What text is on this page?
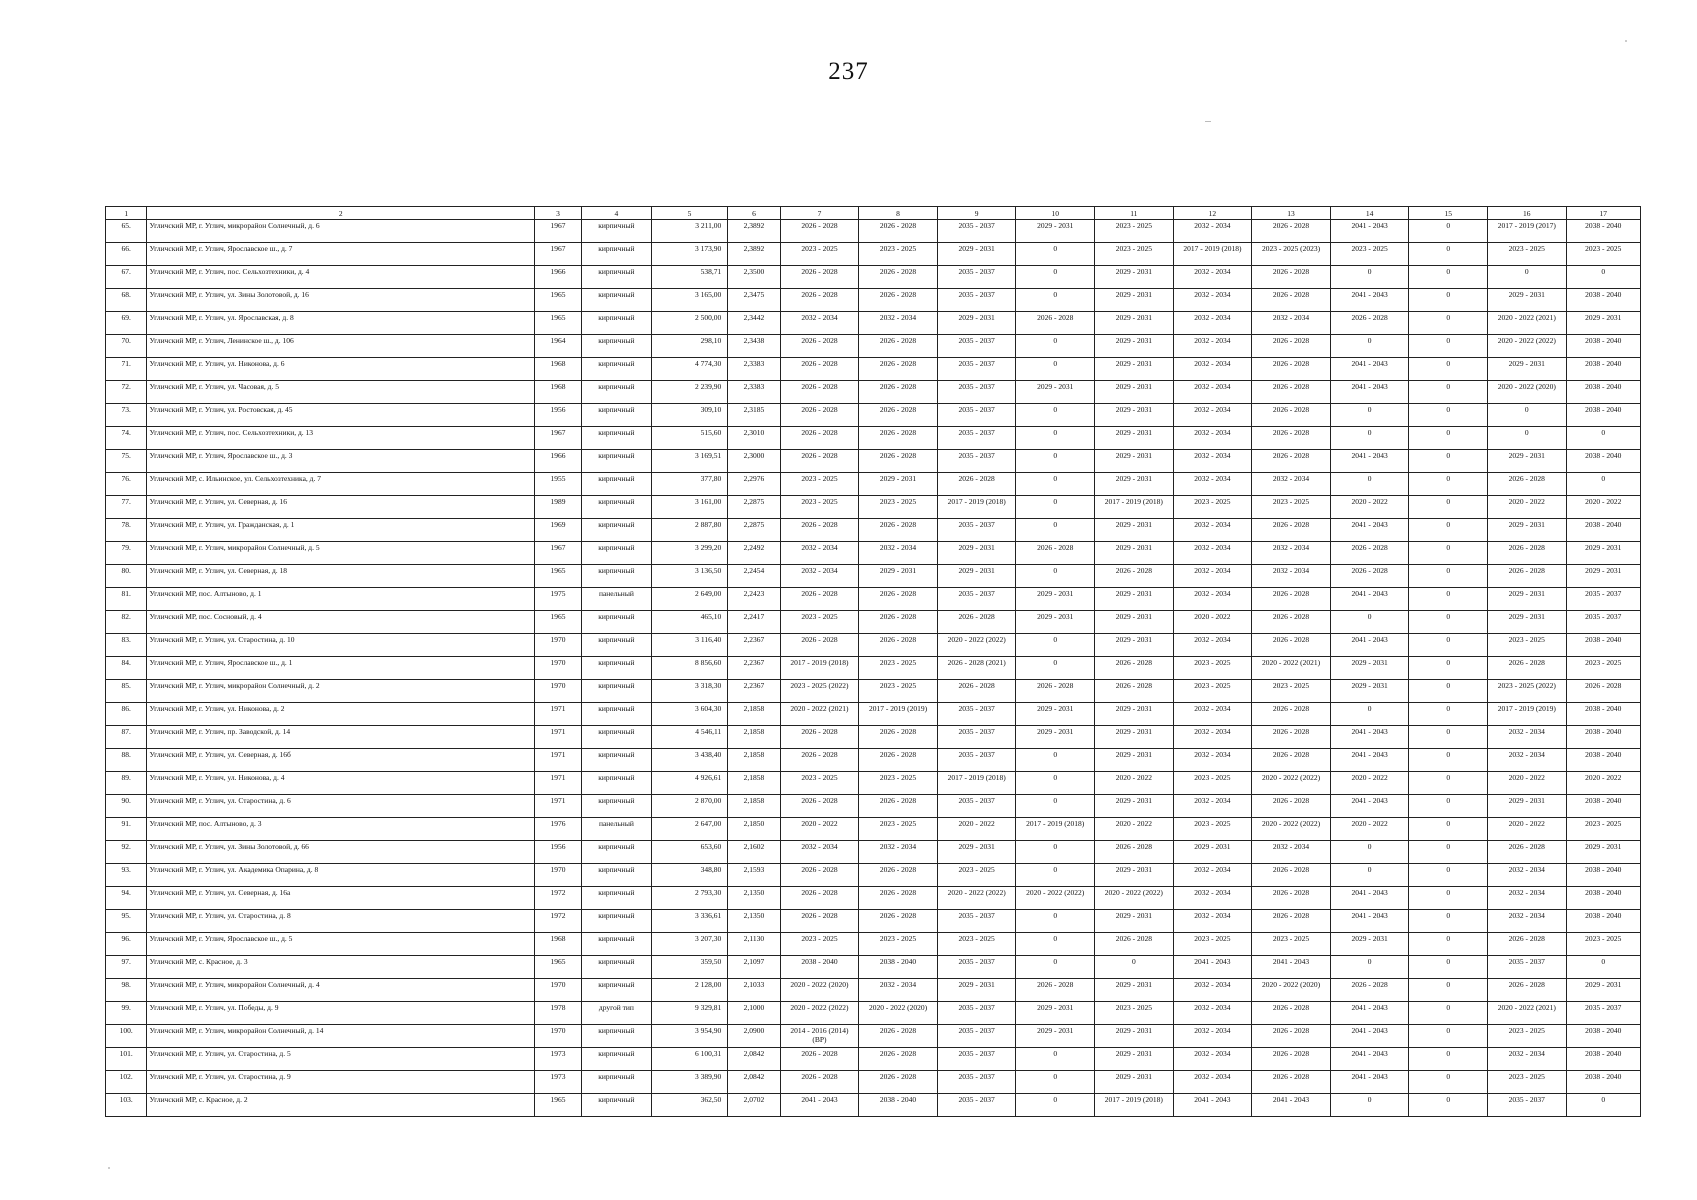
237
1	2	3	4	5	6	7	8	9	10	11	12	13	14	15	16	17
65.	Угличский МР, г. Углич, микрорайон Солнечный, д. 6	1967	кирпичный	3 211,00	2,3892	2026 - 2028	2026 - 2028	2035 - 2037	2029 - 2031	2023 - 2025	2032 - 2034	2026 - 2028	2041 - 2043	0	2017 - 2019 (2017)	2038 - 2040
66.	Угличский МР, г. Углич, Ярославское ш., д. 7	1967	кирпичный	3 173,90	2,3892	2023 - 2025	2023 - 2025	2029 - 2031	0	2023 - 2025	2017 - 2019 (2018)	2023 - 2025 (2023)	2023 - 2025	0	2023 - 2025	2023 - 2025
67.	Угличский МР, г. Углич, пос. Сельхозтехники, д. 4	1966	кирпичный	538,71	2,3500	2026 - 2028	2026 - 2028	2035 - 2037	0	2029 - 2031	2032 - 2034	2026 - 2028	0	0	0	0
68.	Угличский МР, г. Углич, ул. Зины Золотовой, д. 16	1965	кирпичный	3 165,00	2,3475	2026 - 2028	2026 - 2028	2035 - 2037	0	2029 - 2031	2032 - 2034	2026 - 2028	2041 - 2043	0	2029 - 2031	2038 - 2040
69.	Угличский МР, г. Углич, ул. Ярославская, д. 8	1965	кирпичный	2 500,00	2,3442	2032 - 2034	2032 - 2034	2029 - 2031	2026 - 2028	2029 - 2031	2032 - 2034	2032 - 2034	2026 - 2028	0	2020 - 2022 (2021)	2029 - 2031
70.	Угличский МР, г. Углич, Ленинское ш., д. 106	1964	кирпичный	298,10	2,3438	2026 - 2028	2026 - 2028	2035 - 2037	0	2029 - 2031	2032 - 2034	2026 - 2028	0	0	2020 - 2022 (2022)	2038 - 2040
71.	Угличский МР, г. Углич, ул. Никонова, д. 6	1968	кирпичный	4 774,30	2,3383	2026 - 2028	2026 - 2028	2035 - 2037	0	2029 - 2031	2032 - 2034	2026 - 2028	2041 - 2043	0	2029 - 2031	2038 - 2040
72.	Угличский МР, г. Углич, ул. Часовая, д. 5	1968	кирпичный	2 239,90	2,3383	2026 - 2028	2026 - 2028	2035 - 2037	2029 - 2031	2029 - 2031	2032 - 2034	2026 - 2028	2041 - 2043	0	2020 - 2022 (2020)	2038 - 2040
73.	Угличский МР, г. Углич, ул. Ростовская, д. 45	1956	кирпичный	309,10	2,3185	2026 - 2028	2026 - 2028	2035 - 2037	0	2029 - 2031	2032 - 2034	2026 - 2028	0	0	0	2038 - 2040
74.	Угличский МР, г. Углич, пос. Сельхозтехники, д. 13	1967	кирпичный	515,60	2,3010	2026 - 2028	2026 - 2028	2035 - 2037	0	2029 - 2031	2032 - 2034	2026 - 2028	0	0	0	0
75.	Угличский МР, г. Углич, Ярославское ш., д. 3	1966	кирпичный	3 169,51	2,3000	2026 - 2028	2026 - 2028	2035 - 2037	0	2029 - 2031	2032 - 2034	2026 - 2028	2041 - 2043	0	2029 - 2031	2038 - 2040
76.	Угличский МР, с. Ильинское, ул. Сельхозтехника, д. 7	1955	кирпичный	377,80	2,2976	2023 - 2025	2029 - 2031	2026 - 2028	0	2029 - 2031	2032 - 2034	2032 - 2034	0	0	2026 - 2028	0
77.	Угличский МР, г. Углич, ул. Северная, д. 16	1989	кирпичный	3 161,00	2,2875	2023 - 2025	2023 - 2025	2017 - 2019 (2018)	0	2017 - 2019 (2018)	2023 - 2025	2023 - 2025	2020 - 2022	0	2020 - 2022	2020 - 2022
78.	Угличский МР, г. Углич, ул. Гражданская, д. 1	1969	кирпичный	2 887,80	2,2875	2026 - 2028	2026 - 2028	2035 - 2037	0	2029 - 2031	2032 - 2034	2026 - 2028	2041 - 2043	0	2029 - 2031	2038 - 2040
79.	Угличский МР, г. Углич, микрорайон Солнечный, д. 5	1967	кирпичный	3 299,20	2,2492	2032 - 2034	2032 - 2034	2029 - 2031	2026 - 2028	2029 - 2031	2032 - 2034	2032 - 2034	2026 - 2028	0	2026 - 2028	2029 - 2031
80.	Угличский МР, г. Углич, ул. Северная, д. 18	1965	кирпичный	3 136,50	2,2454	2032 - 2034	2029 - 2031	2029 - 2031	0	2026 - 2028	2032 - 2034	2032 - 2034	2026 - 2028	0	2026 - 2028	2029 - 2031
81.	Угличский МР, пос. Алтыново, д. 1	1975	панельный	2 649,00	2,2423	2026 - 2028	2026 - 2028	2035 - 2037	2029 - 2031	2029 - 2031	2032 - 2034	2026 - 2028	2041 - 2043	0	2029 - 2031	2035 - 2037
82.	Угличский МР, пос. Сосновый, д. 4	1965	кирпичный	465,10	2,2417	2023 - 2025	2026 - 2028	2026 - 2028	2029 - 2031	2029 - 2031	2020 - 2022	2026 - 2028	0	0	2029 - 2031	2035 - 2037
83.	Угличский МР, г. Углич, ул. Старостина, д. 10	1970	кирпичный	3 116,40	2,2367	2026 - 2028	2026 - 2028	2020 - 2022 (2022)	0	2029 - 2031	2032 - 2034	2026 - 2028	2041 - 2043	0	2023 - 2025	2038 - 2040
84.	Угличский МР, г. Углич, Ярославское ш., д. 1	1970	кирпичный	8 856,60	2,2367	2017 - 2019 (2018)	2023 - 2025	2026 - 2028 (2021)	0	2026 - 2028	2023 - 2025	2020 - 2022 (2021)	2029 - 2031	0	2026 - 2028	2023 - 2025
85.	Угличский МР, г. Углич, микрорайон Солнечный, д. 2	1970	кирпичный	3 318,30	2,2367	2023 - 2025 (2022)	2023 - 2025	2026 - 2028	2026 - 2028	2026 - 2028	2023 - 2025	2023 - 2025	2029 - 2031	0	2023 - 2025 (2022)	2026 - 2028
86.	Угличский МР, г. Углич, ул. Никонова, д. 2	1971	кирпичный	3 604,30	2,1858	2020 - 2022 (2021)	2017 - 2019 (2019)	2035 - 2037	2029 - 2031	2029 - 2031	2032 - 2034	2026 - 2028	0	0	2017 - 2019 (2019)	2038 - 2040
87.	Угличский МР, г. Углич, пр. Заводской, д. 14	1971	кирпичный	4 546,11	2,1858	2026 - 2028	2026 - 2028	2035 - 2037	2029 - 2031	2029 - 2031	2032 - 2034	2026 - 2028	2041 - 2043	0	2032 - 2034	2038 - 2040
88.	Угличский МР, г. Углич, ул. Северная, д. 16б	1971	кирпичный	3 438,40	2,1858	2026 - 2028	2026 - 2028	2035 - 2037	0	2029 - 2031	2032 - 2034	2026 - 2028	2041 - 2043	0	2032 - 2034	2038 - 2040
89.	Угличский МР, г. Углич, ул. Никонова, д. 4	1971	кирпичный	4 926,61	2,1858	2023 - 2025	2023 - 2025	2017 - 2019 (2018)	0	2020 - 2022	2023 - 2025	2020 - 2022 (2022)	2020 - 2022	0	2020 - 2022	2020 - 2022
90.	Угличский МР, г. Углич, ул. Старостина, д. 6	1971	кирпичный	2 870,00	2,1858	2026 - 2028	2026 - 2028	2035 - 2037	0	2029 - 2031	2032 - 2034	2026 - 2028	2041 - 2043	0	2029 - 2031	2038 - 2040
91.	Угличский МР, пос. Алтыново, д. 3	1976	панельный	2 647,00	2,1850	2020 - 2022	2023 - 2025	2020 - 2022	2017 - 2019 (2018)	2020 - 2022	2023 - 2025	2020 - 2022 (2022)	2020 - 2022	0	2020 - 2022	2023 - 2025
92.	Угличский МР, г. Углич, ул. Зины Золотовой, д. 66	1956	кирпичный	653,60	2,1602	2032 - 2034	2032 - 2034	2029 - 2031	0	2026 - 2028	2029 - 2031	2032 - 2034	0	0	2026 - 2028	2029 - 2031
93.	Угличский МР, г. Углич, ул. Академика Опарина, д. 8	1970	кирпичный	348,80	2,1593	2026 - 2028	2026 - 2028	2023 - 2025	0	2029 - 2031	2032 - 2034	2026 - 2028	0	0	2032 - 2034	2038 - 2040
94.	Угличский МР, г. Углич, ул. Северная, д. 16а	1972	кирпичный	2 793,30	2,1350	2026 - 2028	2026 - 2028	2020 - 2022 (2022)	2020 - 2022 (2022)	2020 - 2022 (2022)	2032 - 2034	2026 - 2028	2041 - 2043	0	2032 - 2034	2038 - 2040
95.	Угличский МР, г. Углич, ул. Старостина, д. 8	1972	кирпичный	3 336,61	2,1350	2026 - 2028	2026 - 2028	2035 - 2037	0	2029 - 2031	2032 - 2034	2026 - 2028	2041 - 2043	0	2032 - 2034	2038 - 2040
96.	Угличский МР, г. Углич, Ярославское ш., д. 5	1968	кирпичный	3 207,30	2,1130	2023 - 2025	2023 - 2025	2023 - 2025	0	2026 - 2028	2023 - 2025	2023 - 2025	2029 - 2031	0	2026 - 2028	2023 - 2025
97.	Угличский МР, с. Красное, д. 3	1965	кирпичный	359,50	2,1097	2038 - 2040	2038 - 2040	2035 - 2037	0	0	2041 - 2043	2041 - 2043	0	0	2035 - 2037	0
98.	Угличский МР, г. Углич, микрорайон Солнечный, д. 4	1970	кирпичный	2 128,00	2,1033	2020 - 2022 (2020)	2032 - 2034	2029 - 2031	2026 - 2028	2029 - 2031	2032 - 2034	2020 - 2022 (2020)	2026 - 2028	0	2026 - 2028	2029 - 2031
99.	Угличский МР, г. Углич, ул. Победы, д. 9	1978	другой тип	9 329,81	2,1000	2020 - 2022 (2022)	2020 - 2022 (2020)	2035 - 2037	2029 - 2031	2023 - 2025	2032 - 2034	2026 - 2028	2041 - 2043	0	2020 - 2022 (2021)	2035 - 2037
100.	Угличский МР, г. Углич, микрорайон Солнечный, д. 14	1970	кирпичный	3 954,90	2,0900	2014 - 2016 (2014) (ВР)	2026 - 2028	2035 - 2037	2029 - 2031	2029 - 2031	2032 - 2034	2026 - 2028	2041 - 2043	0	2023 - 2025	2038 - 2040
101.	Угличский МР, г. Углич, ул. Старостина, д. 5	1973	кирпичный	6 100,31	2,0842	2026 - 2028	2026 - 2028	2035 - 2037	0	2029 - 2031	2032 - 2034	2026 - 2028	2041 - 2043	0	2032 - 2034	2038 - 2040
102.	Угличский МР, г. Углич, ул. Старостина, д. 9	1973	кирпичный	3 389,90	2,0842	2026 - 2028	2026 - 2028	2035 - 2037	0	2029 - 2031	2032 - 2034	2026 - 2028	2041 - 2043	0	2023 - 2025	2038 - 2040
103.	Угличский МР, с. Красное, д. 2	1965	кирпичный	362,50	2,0702	2041 - 2043	2038 - 2040	2035 - 2037	0	2017 - 2019 (2018)	2041 - 2043	2041 - 2043	0	0	2035 - 2037	0
